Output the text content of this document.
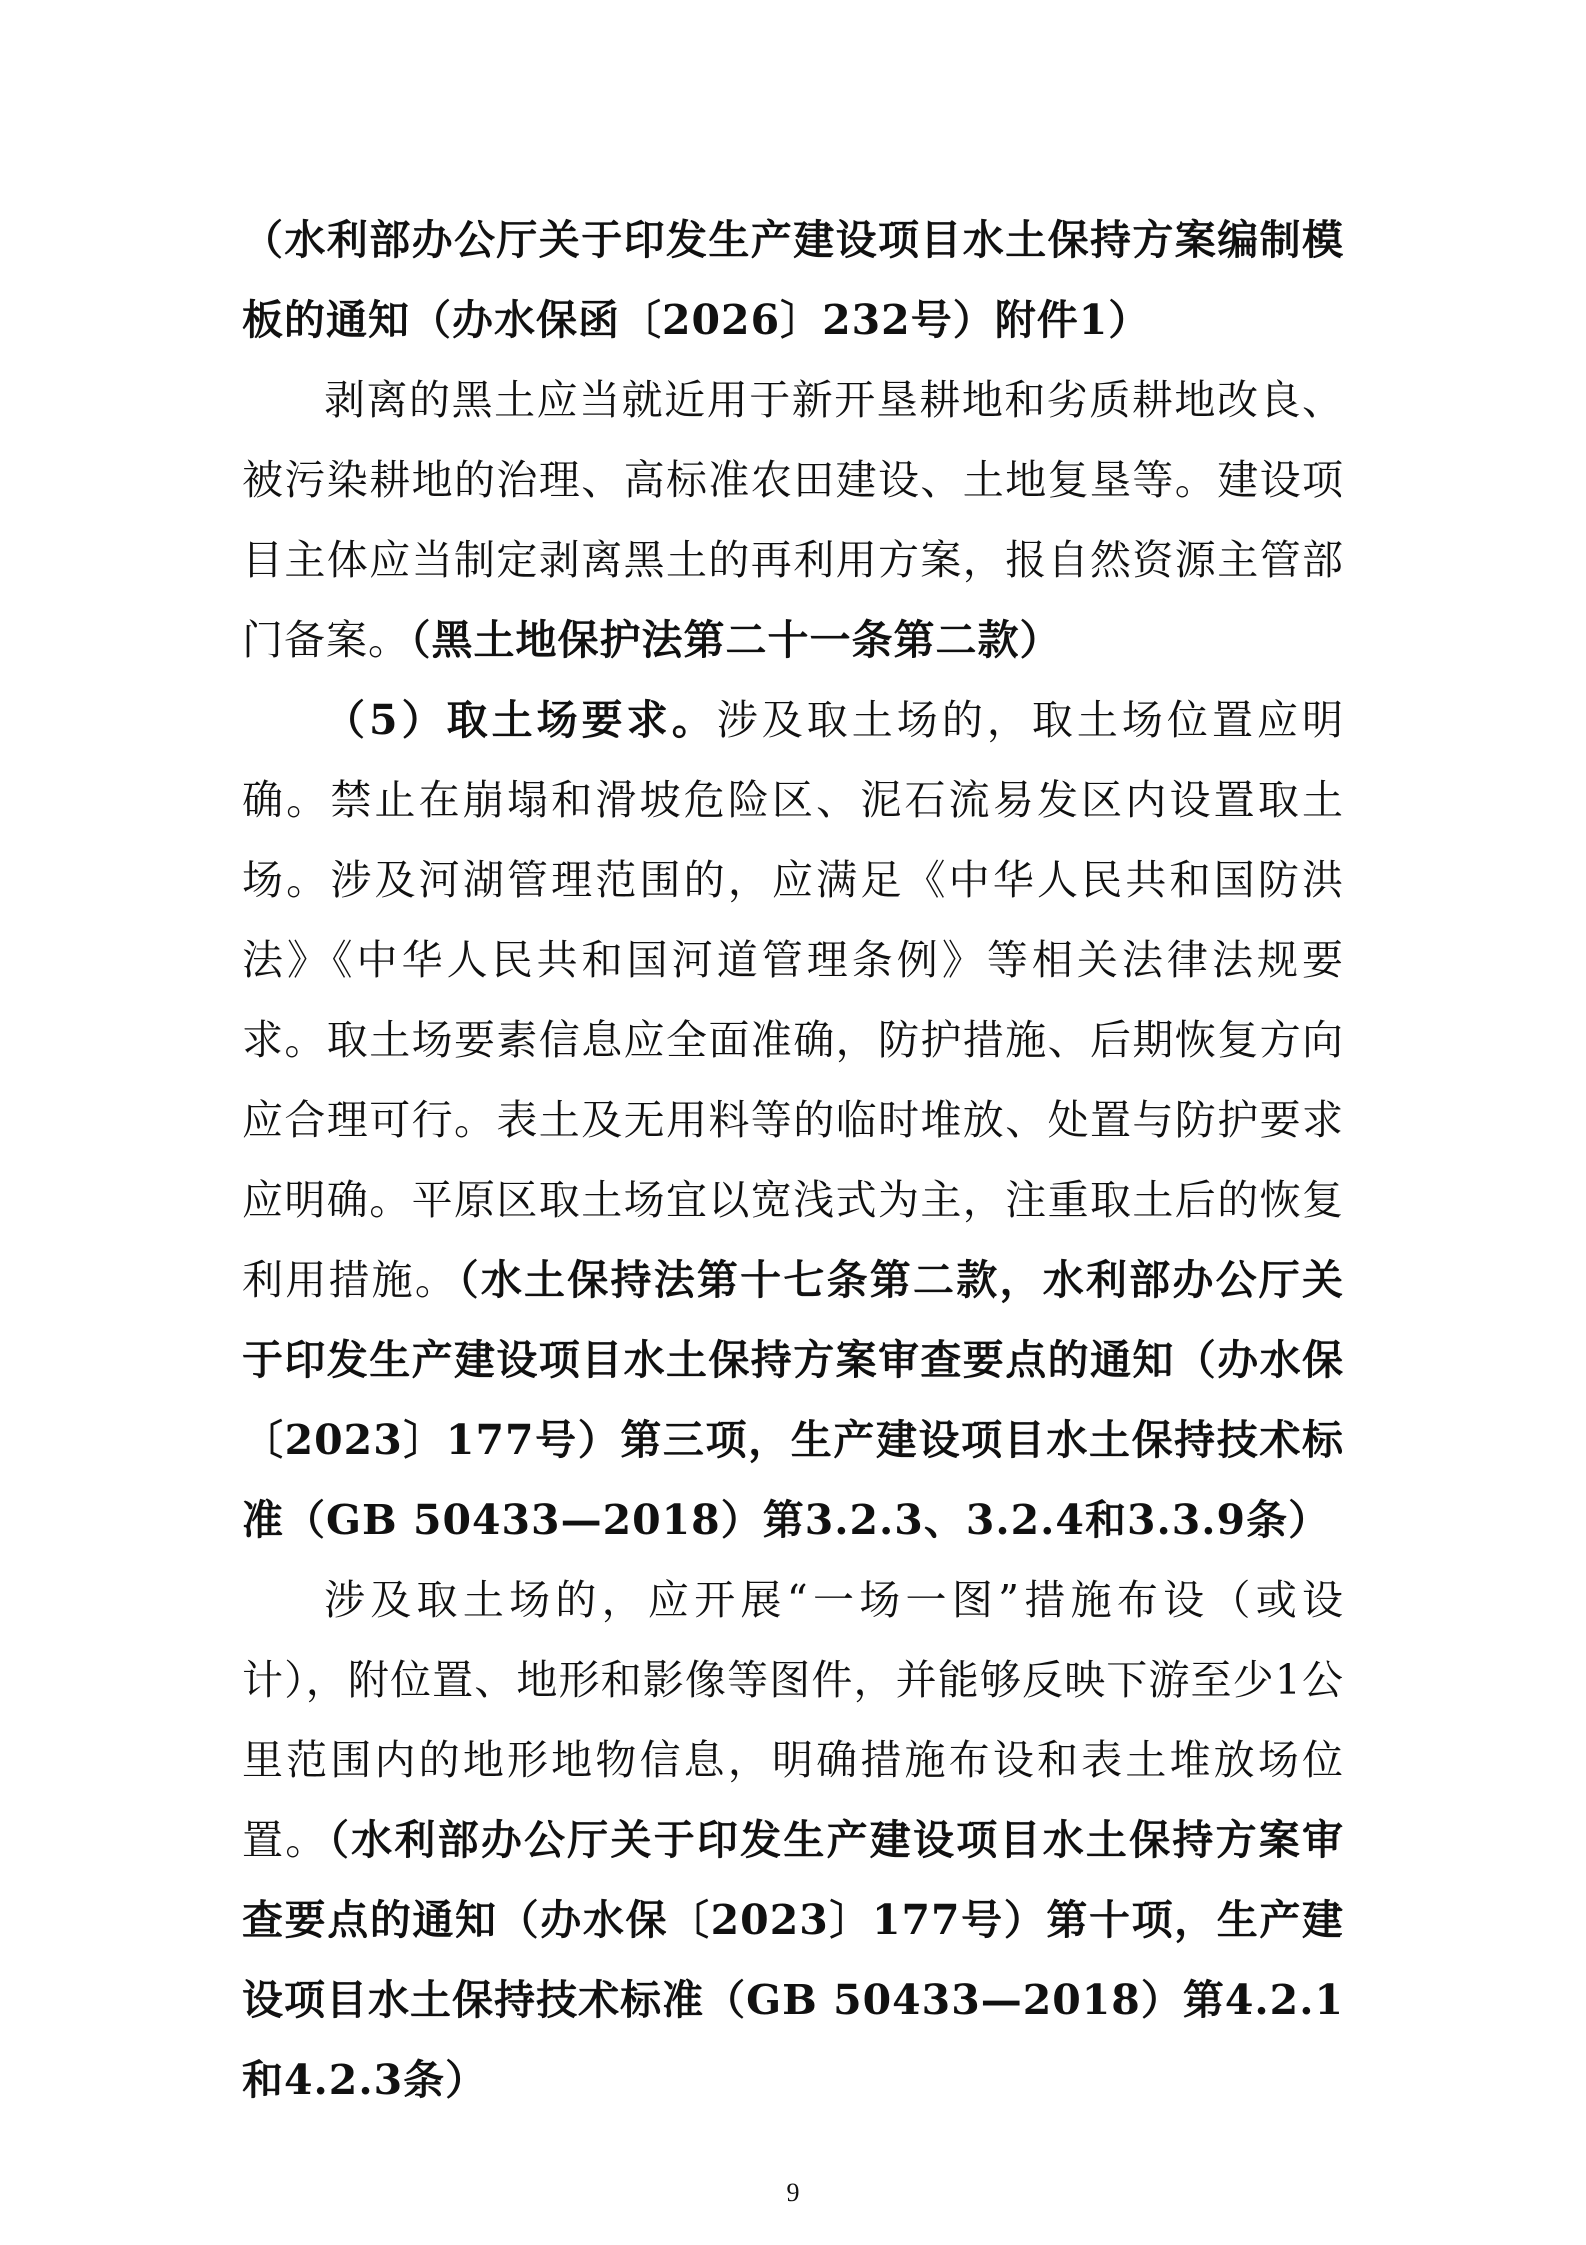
（水利部办公厅关于印发生产建设项目水土保持方案编制模板的通知（办水保函〔2026〕232号）附件1）

剥离的黑土应当就近用于新开垦耕地和劣质耕地改良、被污染耕地的治理、高标准农田建设、土地复垦等。建设项目主体应当制定剥离黑土的再利用方案，报自然资源主管部门备案。（黑土地保护法第二十一条第二款）

（5）取土场要求。涉及取土场的，取土场位置应明确。禁止在崩塌和滑坡危险区、泥石流易发区内设置取土场。涉及河湖管理范围的，应满足《中华人民共和国防洪法》《中华人民共和国河道管理条例》等相关法律法规要求。取土场要素信息应全面准确，防护措施、后期恢复方向应合理可行。表土及无用料等的临时堆放、处置与防护要求应明确。平原区取土场宜以宽浅式为主，注重取土后的恢复利用措施。（水土保持法第十七条第二款，水利部办公厅关于印发生产建设项目水土保持方案审查要点的通知（办水保〔2023〕177号）第三项，生产建设项目水土保持技术标准（GB 50433—2018）第3.2.3、3.2.4和3.3.9条）

涉及取土场的，应开展“一场一图”措施布设（或设计），附位置、地形和影像等图件，并能够反映下游至少1公里范围内的地形地物信息，明确措施布设和表土堆放场位置。（水利部办公厅关于印发生产建设项目水土保持方案审查要点的通知（办水保〔2023〕177号）第十项，生产建设项目水土保持技术标准（GB 50433—2018）第4.2.1和4.2.3条）

9
